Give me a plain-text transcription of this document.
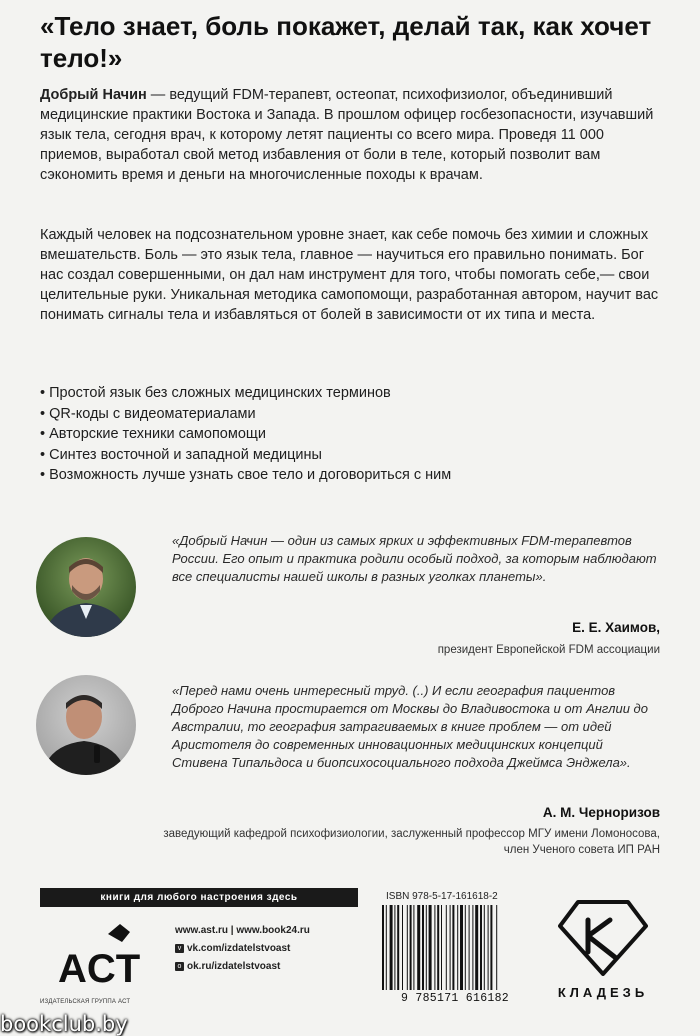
«Тело знает, боль покажет, делай так, как хочет тело!»
Добрый Начин — ведущий FDM-терапевт, остеопат, психофизиолог, объединивший медицинские практики Востока и Запада. В прошлом офицер госбезопасности, изучавший язык тела, сегодня врач, к которому летят пациенты со всего мира. Проведя 11 000 приемов, выработал свой метод избавления от боли в теле, который позволит вам сэкономить время и деньги на многочисленные походы к врачам.
Каждый человек на подсознательном уровне знает, как себе помочь без химии и сложных вмешательств. Боль — это язык тела, главное — научиться его правильно понимать. Бог нас создал совершенными, он дал нам инструмент для того, чтобы помогать себе,— свои целительные руки. Уникальная методика самопомощи, разработанная автором, научит вас понимать сигналы тела и избавляться от болей в зависимости от их типа и места.
• Простой язык без сложных медицинских терминов
• QR-коды с видеоматериалами
• Авторские техники самопомощи
• Синтез восточной и западной медицины
• Возможность лучше узнать свое тело и договориться с ним
«Добрый Начин — один из самых ярких и эффективных FDM-терапевтов России. Его опыт и практика родили особый подход, за которым наблюдают все специалисты нашей школы в разных уголках планеты».
Е. Е. Хаимов,
президент Европейской FDM ассоциации
«Перед нами очень интересный труд. (..) И если география пациентов Доброго Начина простирается от Москвы до Владивостока и от Англии до Австралии, то география затрагиваемых в книге проблем — от идей Аристотеля до современных инновационных медицинских концепций Стивена Типальдоса и биопсихосоциального подхода Джеймса Энджела».
А. М. Черноризов
заведующий кафедрой психофизиологии, заслуженный профессор МГУ имени Ломоносова, член Ученого совета ИП РАН
книги для любого настроения здесь
ACT
ИЗДАТЕЛЬСКАЯ ГРУППА АСТ
www.ast.ru | www.book24.ru
v vk.com/izdatelstvoast
o ok.ru/izdatelstvoast
ISBN 978-5-17-161618-2
9 785171 616182	КЛАДЕЗЬ
bookclub.by
